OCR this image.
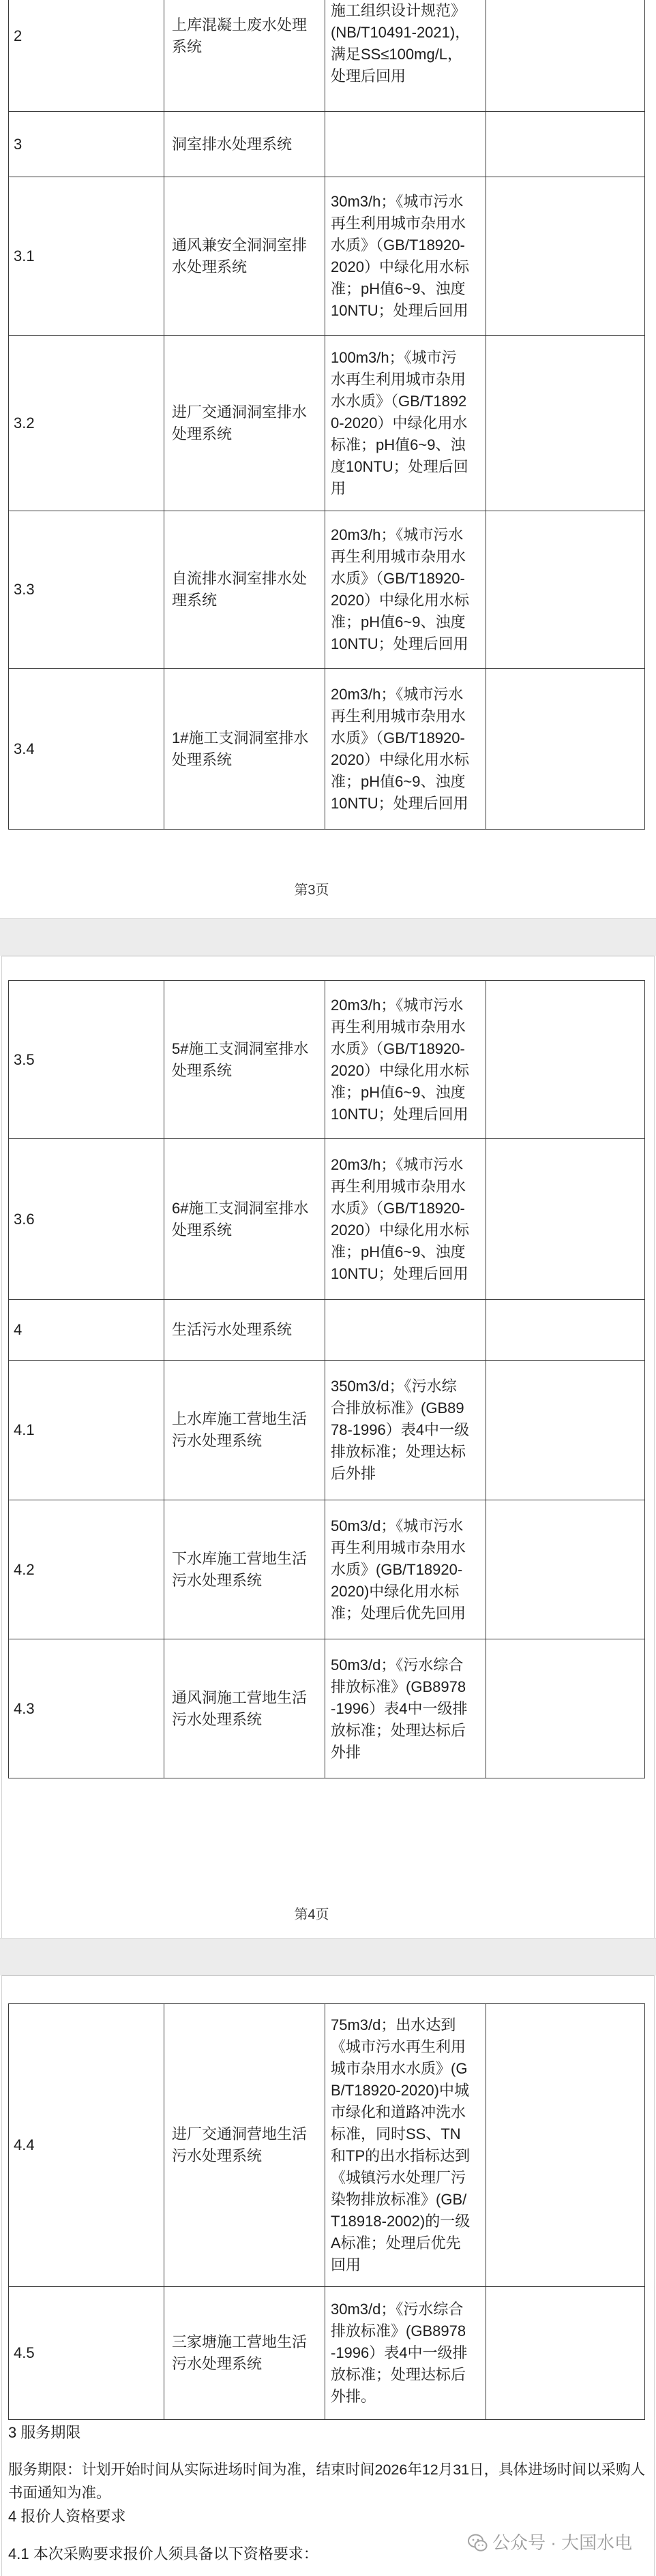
2
上库混凝土废水处理系统
施工组织设计规范》(NB/T10491-2021)，满足SS≤100mg/L，处理后回用
3	洞室排水处理系统
3.1
通风兼安全洞洞室排水处理系统
30m3/h；《城市污水再生利用城市杂用水水质》（GB/T18920-2020）中绿化用水标准；pH值6~9、浊度10NTU；处理后回用
3.2
进厂交通洞洞室排水处理系统
100m3/h；《城市污水再生利用城市杂用水水质》（GB/T18920-2020）中绿化用水标准；pH值6~9、浊度10NTU；处理后回用
3.3
自流排水洞室排水处理系统
20m3/h；《城市污水再生利用城市杂用水水质》（GB/T18920-2020）中绿化用水标准；pH值6~9、浊度10NTU；处理后回用
3.4
1#施工支洞洞室排水处理系统
20m3/h；《城市污水再生利用城市杂用水水质》（GB/T18920-2020）中绿化用水标准；pH值6~9、浊度10NTU；处理后回用
第3页
3.5
5#施工支洞洞室排水处理系统
20m3/h；《城市污水再生利用城市杂用水水质》（GB/T18920-2020）中绿化用水标准；pH值6~9、浊度10NTU；处理后回用
3.6
6#施工支洞洞室排水处理系统
20m3/h；《城市污水再生利用城市杂用水水质》（GB/T18920-2020）中绿化用水标准；pH值6~9、浊度10NTU；处理后回用
4	生活污水处理系统
4.1
上水库施工营地生活污水处理系统
350m3/d；《污水综合排放标准》(GB8978-1996）表4中一级排放标准；处理达标后外排
4.2
下水库施工营地生活污水处理系统
50m3/d；《城市污水再生利用城市杂用水水质》(GB/T18920-2020)中绿化用水标准；处理后优先回用
4.3
通风洞施工营地生活污水处理系统
50m3/d；《污水综合排放标准》(GB8978-1996）表4中一级排放标准；处理达标后外排
第4页
4.4
进厂交通洞营地生活污水处理系统
75m3/d；出水达到《城市污水再生利用 城市杂用水水质》(GB/T18920-2020)中城市绿化和道路冲洗水标准，同时SS、TN和TP的出水指标达到《城镇污水处理厂污染物排放标准》(GB/T18918-2002)的一级A标准；处理后优先回用
4.5
三家塘施工营地生活污水处理系统
30m3/d；《污水综合排放标准》(GB8978-1996）表4中一级排放标准；处理达标后外排。
3 服务期限
服务期限：计划开始时间从实际进场时间为准，结束时间2026年12月31日，具体进场时间以采购人书面通知为准。
4 报价人资格要求
4.1 本次采购要求报价人须具备以下资格要求：
公众号 · 大国水电
